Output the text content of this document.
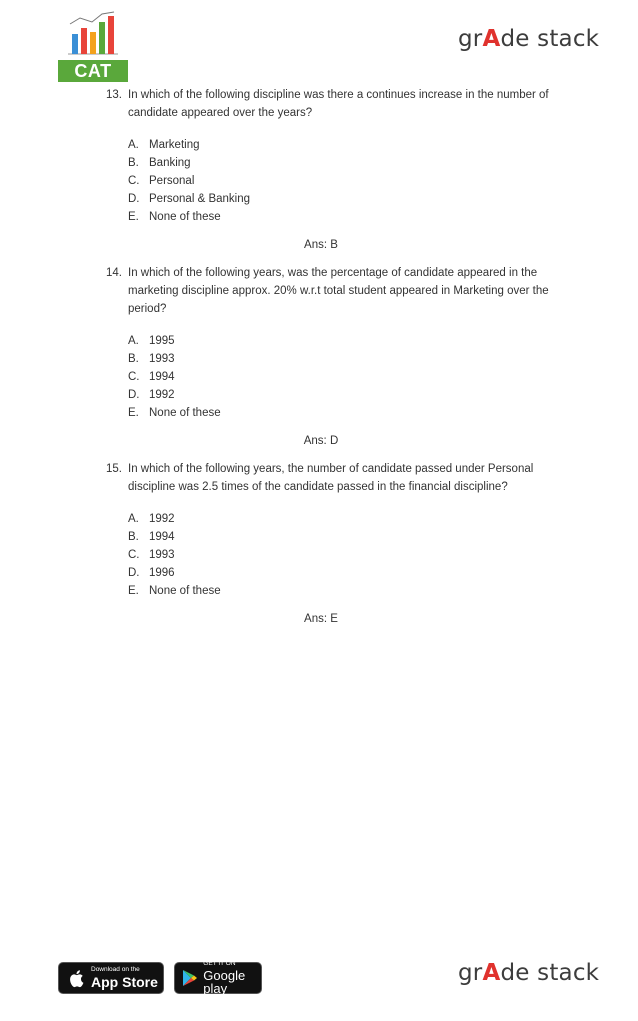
CAT
grAde stack
13. In which of the following discipline was there a continues increase in the number of candidate appeared over the years?
A. Marketing
B. Banking
C. Personal
D. Personal & Banking
E. None of these
Ans: B
14. In which of the following years, was the percentage of candidate appeared in the marketing discipline approx. 20% w.r.t total student appeared in Marketing over the period?
A. 1995
B. 1993
C. 1994
D. 1992
E. None of these
Ans: D
15. In which of the following years, the number of candidate passed under Personal discipline was 2.5 times of the candidate passed in the financial discipline?
A. 1992
B. 1994
C. 1993
D. 1996
E. None of these
Ans: E
Download on the
App Store
GET IT ON
Google play
grAde stack
